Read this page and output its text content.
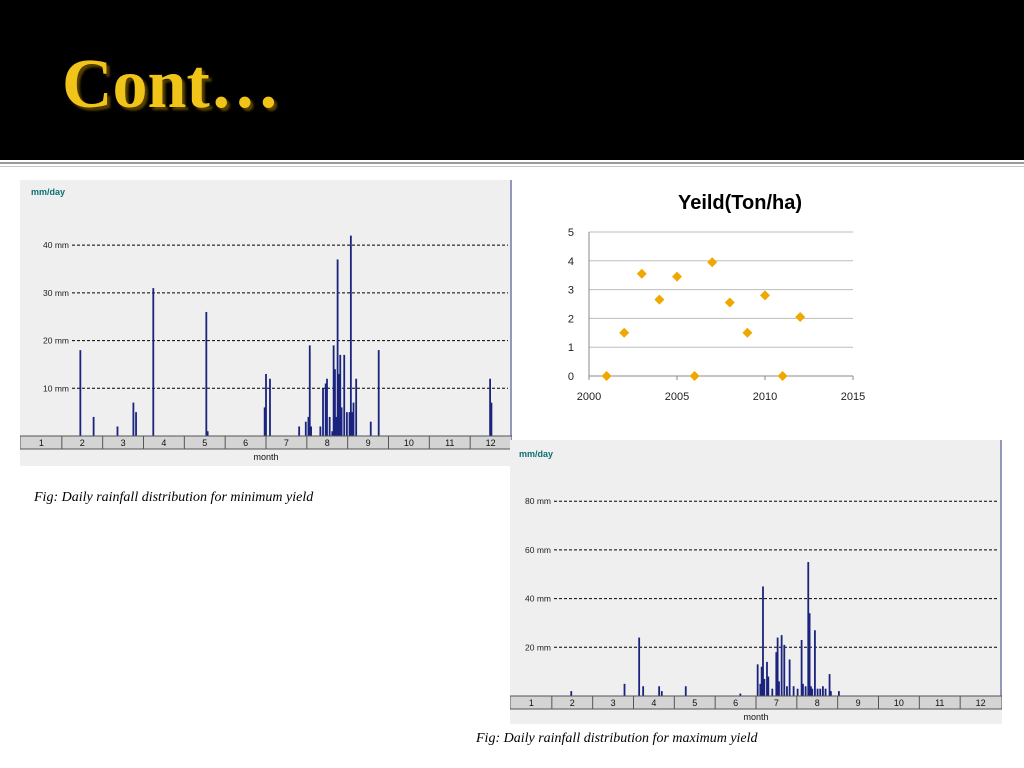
Cont…
mm/day
10 mm
20 mm
30 mm
40 mm
1	2	3	4	5	6	7	8	9	10	11	12
month
Fig: Daily rainfall distribution for minimum yield
Yeild(Ton/ha)
0
1
2
3
4
5
2000	2005	2010	2015
mm/day
20 mm
40 mm
60 mm
80 mm
1	2	3	4	5	6	7	8	9	10	11	12
month
Fig: Daily rainfall distribution for maximum yield
